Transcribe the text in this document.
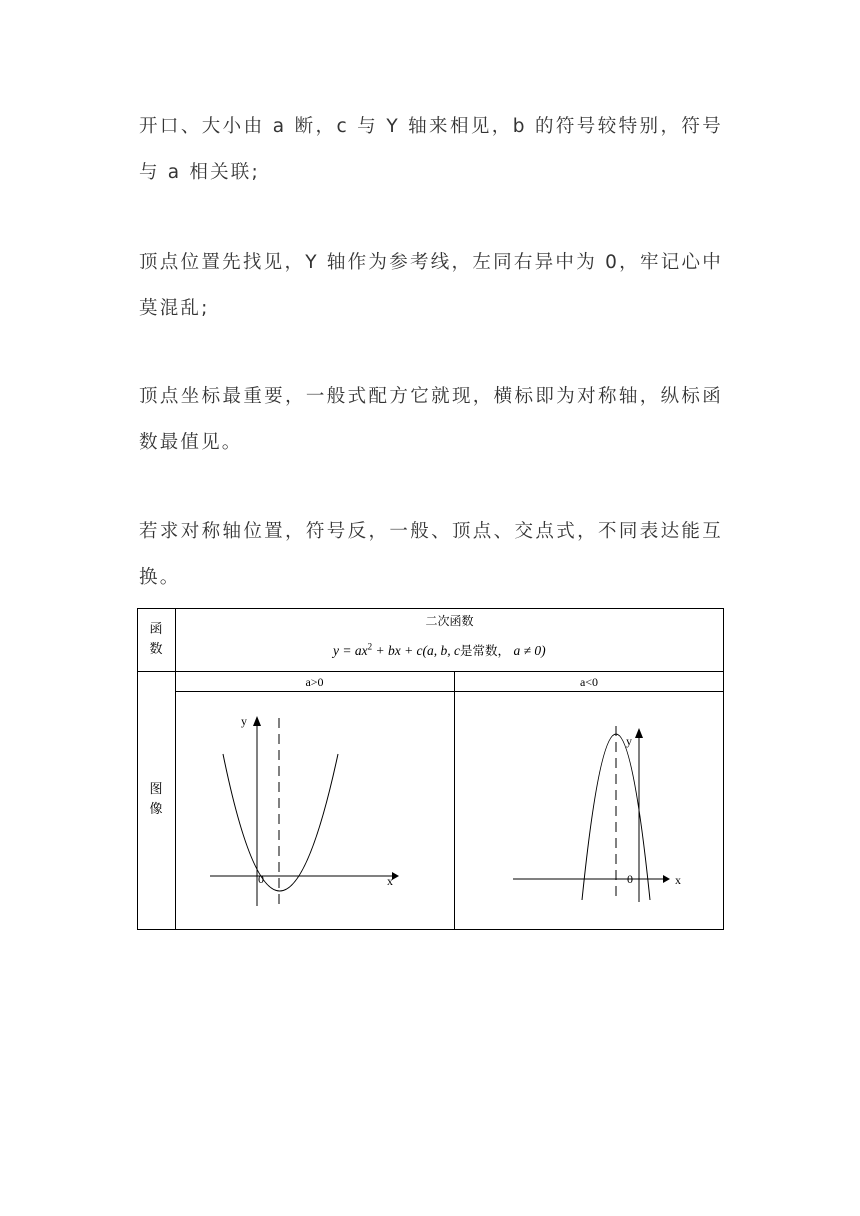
开口、大小由 a 断，c 与 Y 轴来相见，b 的符号较特别，符号与 a 相关联;
顶点位置先找见，Y 轴作为参考线，左同右异中为 0，牢记心中莫混乱;
顶点坐标最重要，一般式配方它就现，横标即为对称轴，纵标函数最值见。
若求对称轴位置，符号反，一般、顶点、交点式，不同表达能互换。
函
数
二次函数
$y = ax^2$ + bx + c(a, b, c是常数， a ≠ 0)
a>0	a<0
图
像
y
x
0
y
x
0
